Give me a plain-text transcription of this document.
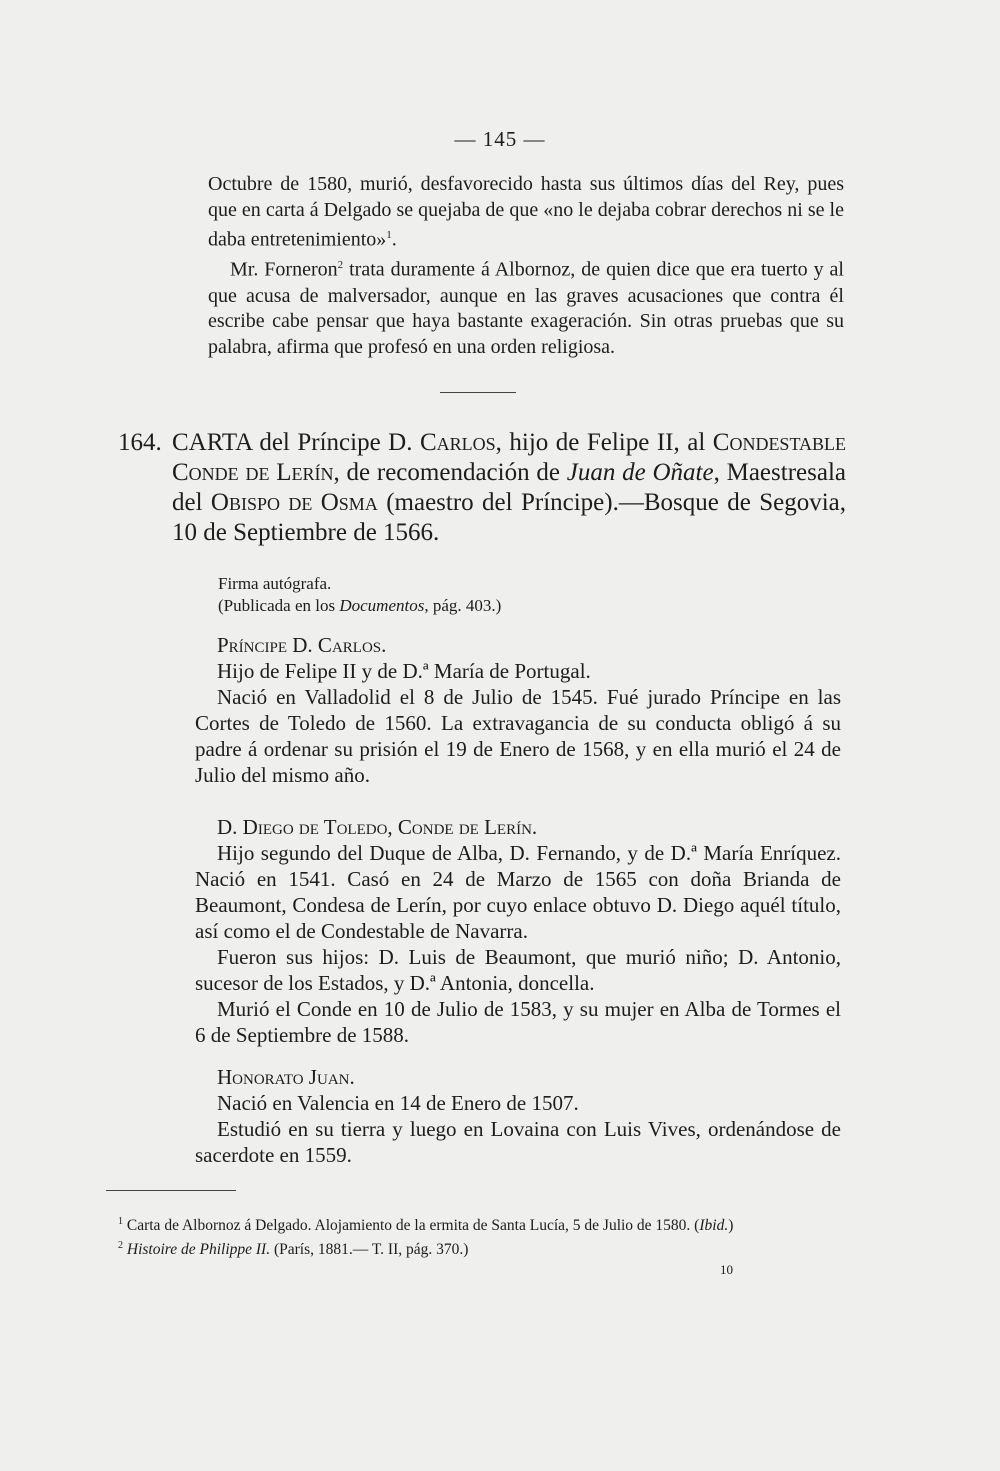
— 145 —

Octubre de 1580, murió, desfavorecido hasta sus últimos días del Rey, pues que en carta á Delgado se quejaba de que «no le dejaba cobrar derechos ni se le daba entretenimiento»$^1$.

Mr. Forneron$^2$ trata duramente á Albornoz, de quien dice que era tuerto y al que acusa de malversador, aunque en las graves acusaciones que contra él escribe cabe pensar que haya bastante exageración. Sin otras pruebas que su palabra, afirma que profesó en una orden religiosa.

164. CARTA del Príncipe D. Carlos, hijo de Felipe II, al Condestable Conde de Lerín, de recomendación de Juan de Oñate, Maestresala del Obispo de Osma (maestro del Príncipe).—Bosque de Segovia, 10 de Septiembre de 1566.

Firma autógrafa.

(Publicada en los Documentos, pág. 403.)

Príncipe D. Carlos.

Hijo de Felipe II y de D.ª María de Portugal.

Nació en Valladolid el 8 de Julio de 1545. Fué jurado Príncipe en las Cortes de Toledo de 1560. La extravagancia de su conducta obligó á su padre á ordenar su prisión el 19 de Enero de 1568, y en ella murió el 24 de Julio del mismo año.

D. Diego de Toledo, Conde de Lerín.

Hijo segundo del Duque de Alba, D. Fernando, y de D.ª María Enríquez. Nació en 1541. Casó en 24 de Marzo de 1565 con doña Brianda de Beaumont, Condesa de Lerín, por cuyo enlace obtuvo D. Diego aquél título, así como el de Condestable de Navarra.

Fueron sus hijos: D. Luis de Beaumont, que murió niño; D. Antonio, sucesor de los Estados, y D.ª Antonia, doncella.

Murió el Conde en 10 de Julio de 1583, y su mujer en Alba de Tormes el 6 de Septiembre de 1588.

Honorato Juan.

Nació en Valencia en 14 de Enero de 1507.

Estudió en su tierra y luego en Lovaina con Luis Vives, ordenándose de sacerdote en 1559.

$^1$ Carta de Albornoz á Delgado. Alojamiento de la ermita de Santa Lucía, 5 de Julio de 1580. (Ibid.)

$^2$ Histoire de Philippe II. (París, 1881.— T. II, pág. 370.)

10
